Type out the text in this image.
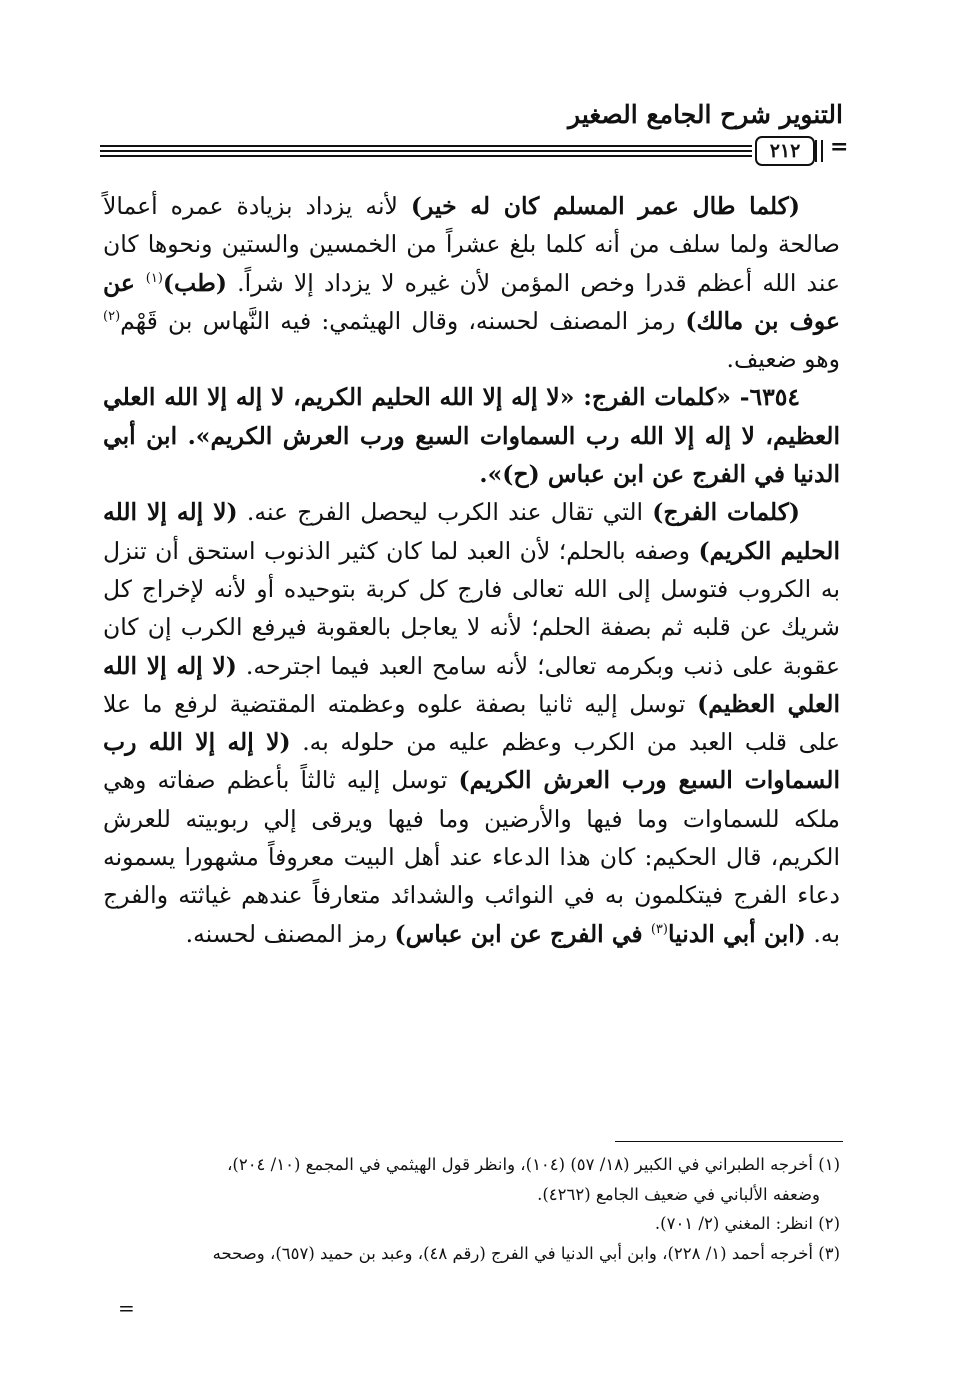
التنوير شرح الجامع الصغير
٢١٢ =

(كلما طال عمر المسلم كان له خير) لأنه يزداد بزيادة عمره أعمالاً صالحة ولما سلف من أنه كلما بلغ عشراً من الخمسين والستين ونحوها كان عند الله أعظم قدرا وخص المؤمن لأن غيره لا يزداد إلا شراً. (طب)$^{(١)}$ عن عوف بن مالك) رمز المصنف لحسنه، وقال الهيثمي: فيه النَّهاس بن قَهْم$^{(٢)}$ وهو ضعيف.

٦٣٥٤- «كلمات الفرج: «لا إله إلا الله الحليم الكريم، لا إله إلا الله العلي العظيم، لا إله إلا الله رب السماوات السبع ورب العرش الكريم». ابن أبي الدنيا في الفرج عن ابن عباس (ح)».

(كلمات الفرج) التي تقال عند الكرب ليحصل الفرج عنه. (لا إله إلا الله الحليم الكريم) وصفه بالحلم؛ لأن العبد لما كان كثير الذنوب استحق أن تنزل به الكروب فتوسل إلى الله تعالى فارج كل كربة بتوحيده أو لأنه لإخراج كل شريك عن قلبه ثم بصفة الحلم؛ لأنه لا يعاجل بالعقوبة فيرفع الكرب إن كان عقوبة على ذنب وبكرمه تعالى؛ لأنه سامح العبد فيما اجترحه. (لا إله إلا الله العلي العظيم) توسل إليه ثانيا بصفة علوه وعظمته المقتضية لرفع ما علا على قلب العبد من الكرب وعظم عليه من حلوله به. (لا إله إلا الله رب السماوات السبع ورب العرش الكريم) توسل إليه ثالثاً بأعظم صفاته وهي ملكه للسماوات وما فيها والأرضين وما فيها ويرقى إلي ربوبيته للعرش الكريم، قال الحكيم: كان هذا الدعاء عند أهل البيت معروفاً مشهورا يسمونه دعاء الفرج فيتكلمون به في النوائب والشدائد متعارفاً عندهم غياثته والفرج به. (ابن أبي الدنيا$^{(٣)}$ في الفرج عن ابن عباس) رمز المصنف لحسنه.

(١) أخرجه الطبراني في الكبير (١٨/ ٥٧) (١٠٤)، وانظر قول الهيثمي في المجمع (١٠/ ٢٠٤)،

وضعفه الألباني في ضعيف الجامع (٤٢٦٢).

(٢) انظر: المغني (٢/ ٧٠١).

(٣) أخرجه أحمد (١/ ٢٢٨)، وابن أبي الدنيا في الفرج (رقم ٤٨)، وعبد بن حميد (٦٥٧)، وصححه

=
